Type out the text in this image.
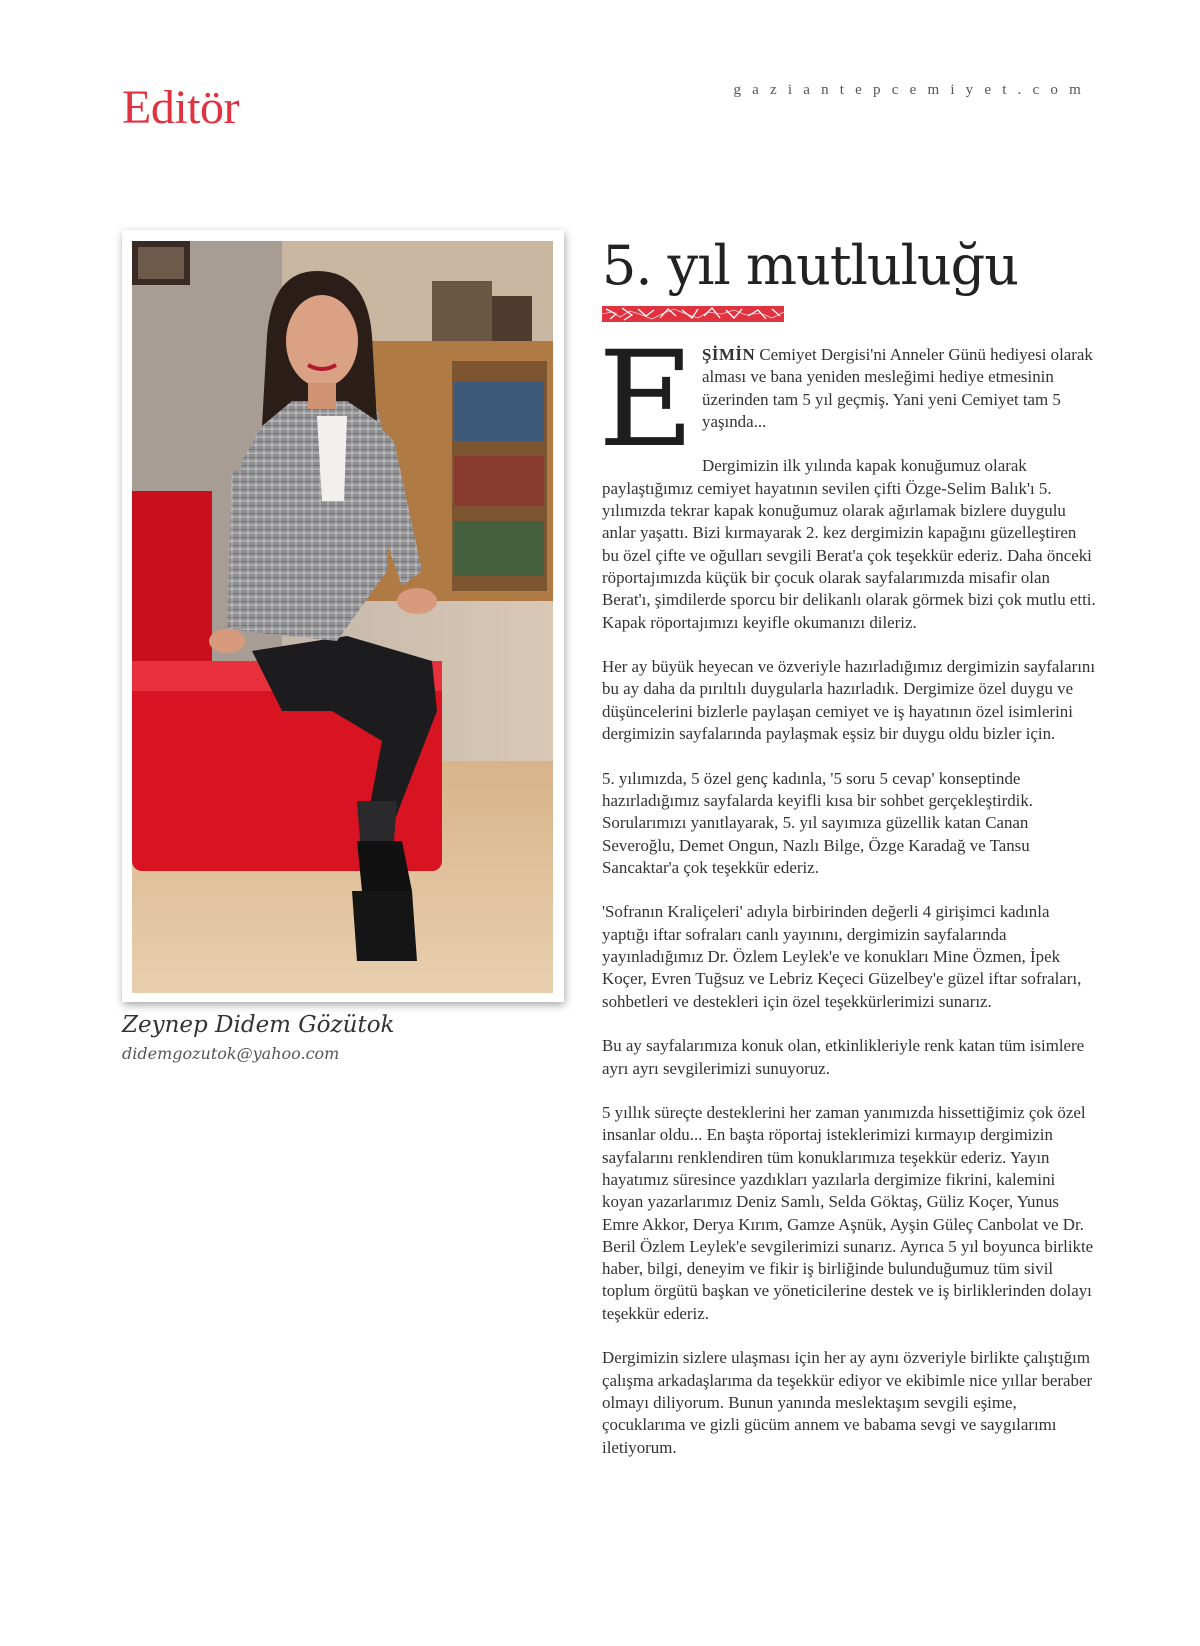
Editör	gaziantepcemiyet.com
Zeynep Didem Gözütok
didemgozutok@yahoo.com
5. yıl mutluluğu

EŞİMİN Cemiyet Dergisi'ni Anneler Günü hediyesi olarak alması ve bana yeniden mesleğimi hediye etmesinin üzerinden tam 5 yıl geçmiş. Yani yeni Cemiyet tam 5 yaşında...

Dergimizin ilk yılında kapak konuğumuz olarak paylaştığımız cemiyet hayatının sevilen çifti Özge-Selim Balık'ı 5. yılımızda tekrar kapak konuğumuz olarak ağırlamak bizlere duygulu anlar yaşattı. Bizi kırmayarak 2. kez dergimizin kapağını güzelleştiren bu özel çifte ve oğulları sevgili Berat'a çok teşekkür ederiz. Daha önceki röportajımızda küçük bir çocuk olarak sayfalarımızda misafir olan Berat'ı, şimdilerde sporcu bir delikanlı olarak görmek bizi çok mutlu etti. Kapak röportajımızı keyifle okumanızı dileriz.

Her ay büyük heyecan ve özveriyle hazırladığımız dergimizin sayfalarını bu ay daha da pırıltılı duygularla hazırladık. Dergimize özel duygu ve düşüncelerini bizlerle paylaşan cemiyet ve iş hayatının özel isimlerini dergimizin sayfalarında paylaşmak eşsiz bir duygu oldu bizler için.

5. yılımızda, 5 özel genç kadınla, '5 soru 5 cevap' konseptinde hazırladığımız sayfalarda keyifli kısa bir sohbet gerçekleştirdik. Sorularımızı yanıtlayarak, 5. yıl sayımıza güzellik katan Canan Severoğlu, Demet Ongun, Nazlı Bilge, Özge Karadağ ve Tansu Sancaktar'a çok teşekkür ederiz.

'Sofranın Kraliçeleri' adıyla birbirinden değerli 4 girişimci kadınla yaptığı iftar sofraları canlı yayınını, dergimizin sayfalarında yayınladığımız Dr. Özlem Leylek'e ve konukları Mine Özmen, İpek Koçer, Evren Tuğsuz ve Lebriz Keçeci Güzelbey'e güzel iftar sofraları, sohbetleri ve destekleri için özel teşekkürlerimizi sunarız.

Bu ay sayfalarımıza konuk olan, etkinlikleriyle renk katan tüm isimlere ayrı ayrı sevgilerimizi sunuyoruz.

5 yıllık süreçte desteklerini her zaman yanımızda hissettiğimiz çok özel insanlar oldu... En başta röportaj isteklerimizi kırmayıp dergimizin sayfalarını renklendiren tüm konuklarımıza teşekkür ederiz. Yayın hayatımız süresince yazdıkları yazılarla dergimize fikrini, kalemini koyan yazarlarımız Deniz Samlı, Selda Göktaş, Güliz Koçer, Yunus Emre Akkor, Derya Kırım, Gamze Aşnük, Ayşin Güleç Canbolat ve Dr. Beril Özlem Leylek'e sevgilerimizi sunarız. Ayrıca 5 yıl boyunca birlikte haber, bilgi, deneyim ve fikir iş birliğinde bulunduğumuz tüm sivil toplum örgütü başkan ve yöneticilerine destek ve iş birliklerinden dolayı teşekkür ederiz.

Dergimizin sizlere ulaşması için her ay aynı özveriyle birlikte çalıştığım çalışma arkadaşlarıma da teşekkür ediyor ve ekibimle nice yıllar beraber olmayı diliyorum. Bunun yanında meslektaşım sevgili eşime, çocuklarıma ve gizli gücüm annem ve babama sevgi ve saygılarımı iletiyorum.
